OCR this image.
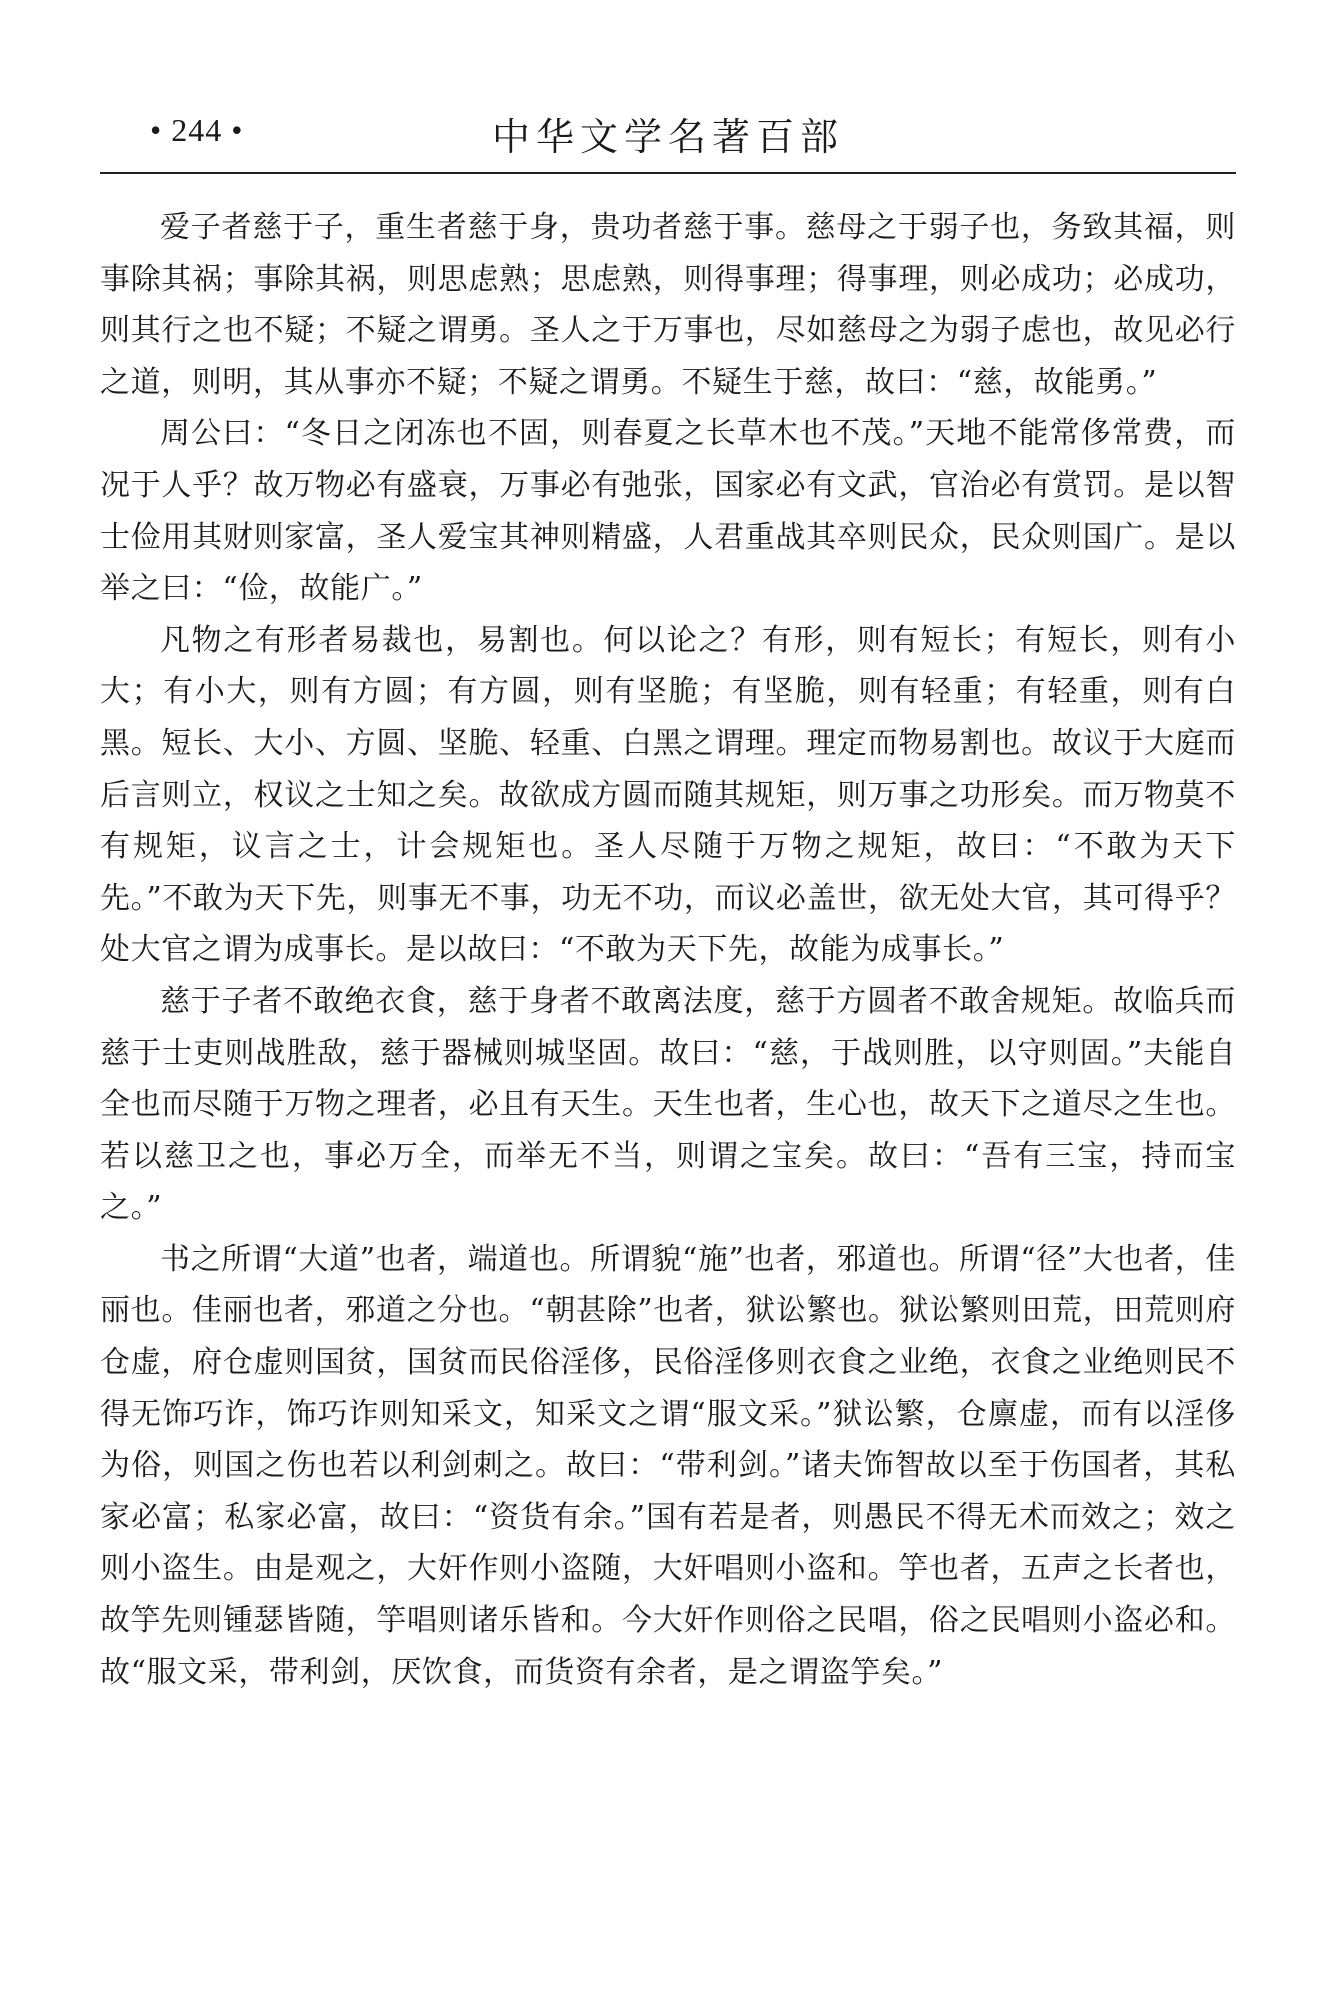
• 244 •	中华文学名著百部

爱子者慈于子，重生者慈于身，贵功者慈于事。慈母之于弱子也，务致其福，则事除其祸；事除其祸，则思虑熟；思虑熟，则得事理；得事理，则必成功；必成功，则其行之也不疑；不疑之谓勇。圣人之于万事也，尽如慈母之为弱子虑也，故见必行之道，则明，其从事亦不疑；不疑之谓勇。不疑生于慈，故曰：“慈，故能勇。”

周公曰：“冬日之闭冻也不固，则春夏之长草木也不茂。”天地不能常侈常费，而况于人乎？故万物必有盛衰，万事必有弛张，国家必有文武，官治必有赏罚。是以智士俭用其财则家富，圣人爱宝其神则精盛，人君重战其卒则民众，民众则国广。是以举之曰：“俭，故能广。”

凡物之有形者易裁也，易割也。何以论之？有形，则有短长；有短长，则有小大；有小大，则有方圆；有方圆，则有坚脆；有坚脆，则有轻重；有轻重，则有白黑。短长、大小、方圆、坚脆、轻重、白黑之谓理。理定而物易割也。故议于大庭而后言则立，权议之士知之矣。故欲成方圆而随其规矩，则万事之功形矣。而万物莫不有规矩，议言之士，计会规矩也。圣人尽随于万物之规矩，故曰：“不敢为天下先。”不敢为天下先，则事无不事，功无不功，而议必盖世，欲无处大官，其可得乎？处大官之谓为成事长。是以故曰：“不敢为天下先，故能为成事长。”

慈于子者不敢绝衣食，慈于身者不敢离法度，慈于方圆者不敢舍规矩。故临兵而慈于士吏则战胜敌，慈于器械则城坚固。故曰：“慈，于战则胜，以守则固。”夫能自全也而尽随于万物之理者，必且有天生。天生也者，生心也，故天下之道尽之生也。若以慈卫之也，事必万全，而举无不当，则谓之宝矣。故曰：“吾有三宝，持而宝之。”

书之所谓“大道”也者，端道也。所谓貌“施”也者，邪道也。所谓“径”大也者，佳丽也。佳丽也者，邪道之分也。“朝甚除”也者，狱讼繁也。狱讼繁则田荒，田荒则府仓虚，府仓虚则国贫，国贫而民俗淫侈，民俗淫侈则衣食之业绝，衣食之业绝则民不得无饰巧诈，饰巧诈则知采文，知采文之谓“服文采。”狱讼繁，仓廪虚，而有以淫侈为俗，则国之伤也若以利剑刺之。故曰：“带利剑。”诸夫饰智故以至于伤国者，其私家必富；私家必富，故曰：“资货有余。”国有若是者，则愚民不得无术而效之；效之则小盗生。由是观之，大奸作则小盗随，大奸唱则小盗和。竽也者，五声之长者也，故竽先则锺瑟皆随，竽唱则诸乐皆和。今大奸作则俗之民唱，俗之民唱则小盗必和。故“服文采，带利剑，厌饮食，而货资有余者，是之谓盗竽矣。”
